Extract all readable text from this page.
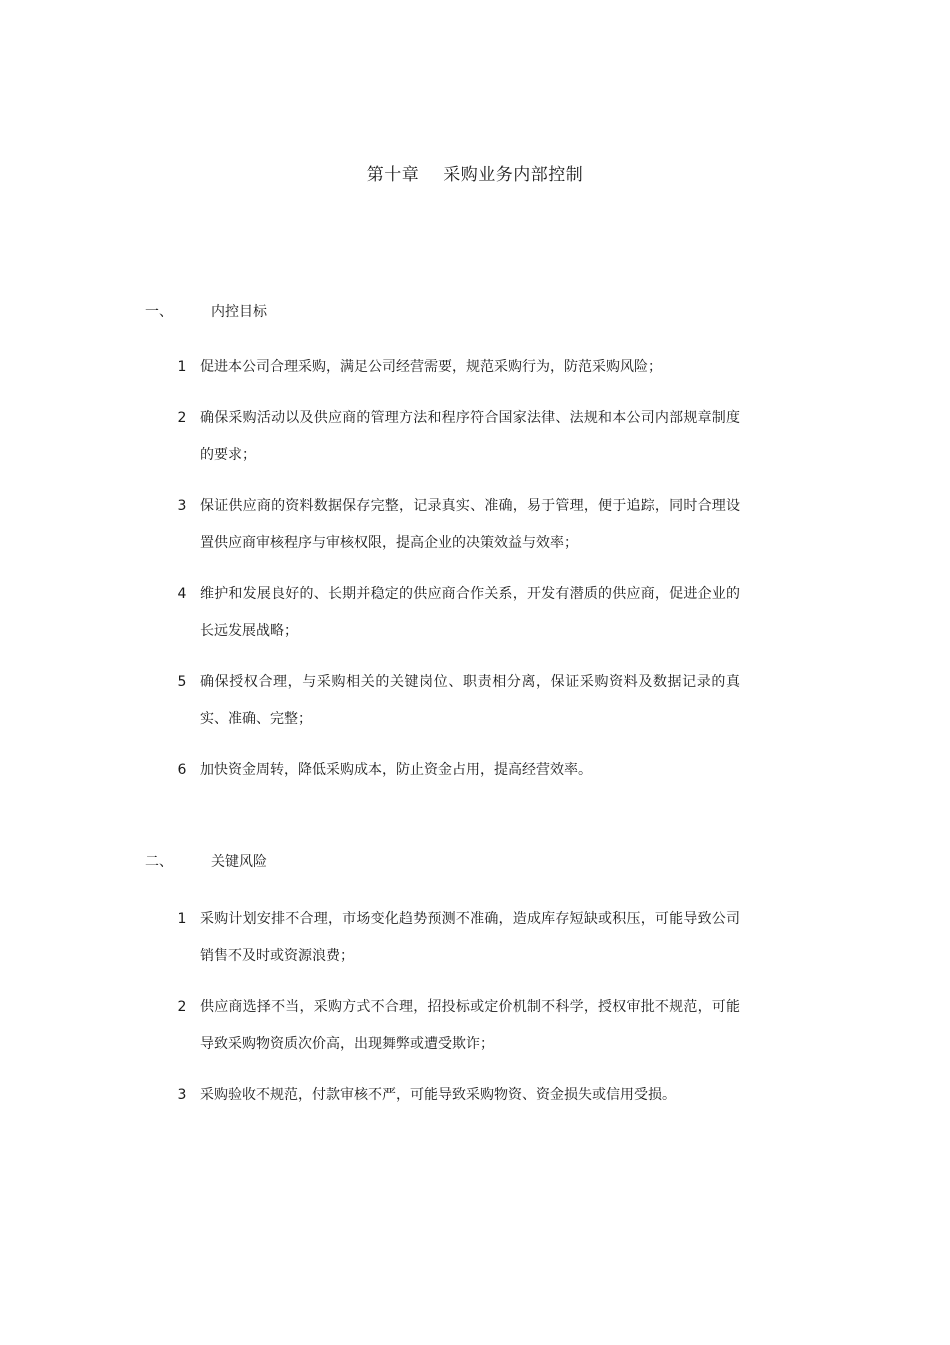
第十章 采购业务内部控制
一、	内控目标
1 促进本公司合理采购，满足公司经营需要，规范采购行为，防范采购风险；
2 确保采购活动以及供应商的管理方法和程序符合国家法律、法规和本公司内部规章制度的要求；
3 保证供应商的资料数据保存完整，记录真实、准确，易于管理，便于追踪，同时合理设置供应商审核程序与审核权限，提高企业的决策效益与效率；
4 维护和发展良好的、长期并稳定的供应商合作关系，开发有潜质的供应商，促进企业的长远发展战略；
5 确保授权合理，与采购相关的关键岗位、职责相分离，保证采购资料及数据记录的真实、准确、完整；
6 加快资金周转，降低采购成本，防止资金占用，提高经营效率。
二、	关键风险
1 采购计划安排不合理，市场变化趋势预测不准确，造成库存短缺或积压，可能导致公司销售不及时或资源浪费；
2 供应商选择不当，采购方式不合理，招投标或定价机制不科学，授权审批不规范，可能导致采购物资质次价高，出现舞弊或遭受欺诈；
3 采购验收不规范，付款审核不严，可能导致采购物资、资金损失或信用受损。
